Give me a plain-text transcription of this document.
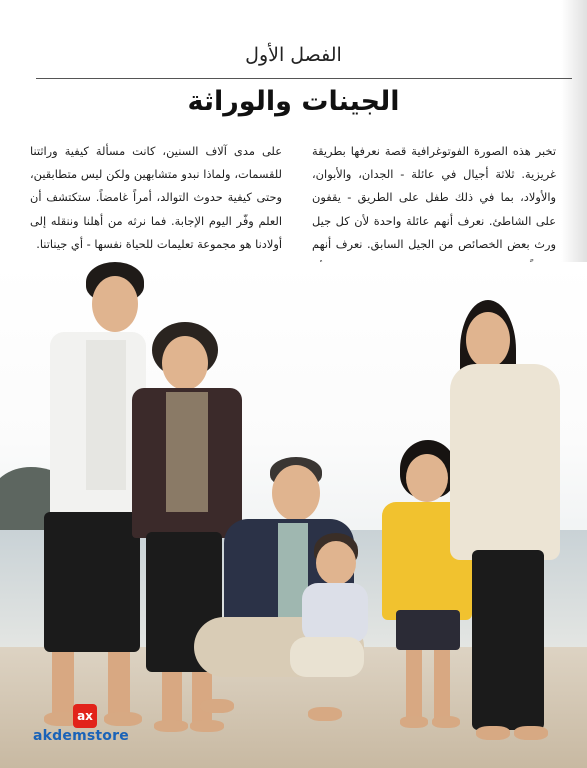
الفصل الأول
الجينات والوراثة
تخبر هذه الصورة الفوتوغرافية قصة نعرفها بطريقة غريزية. ثلاثة أجيال في عائلة - الجدان، والأبوان، والأولاد، بما في ذلك طفل على الطريق - يقفون على الشاطئ. نعرف أنهم عائلة واحدة لأن كل جيل ورث بعض الخصائص من الجيل السابق. نعرف أنهم
على مدى آلاف السنين، كانت مسألة كيفية وراثتنا للقسمات، ولماذا نبدو متشابهين ولكن ليس متطابقين، وحتى كيفية حدوث التوالد، أمراً غامضاً. ستكتشف أن العلم وفّر اليوم الإجابة. فما نرثه من أهلنا وننقله إلى أولادنا هو مجموعة تعليمات للحياة نفسها - أي جيناتنا.
ax
akdemstore
